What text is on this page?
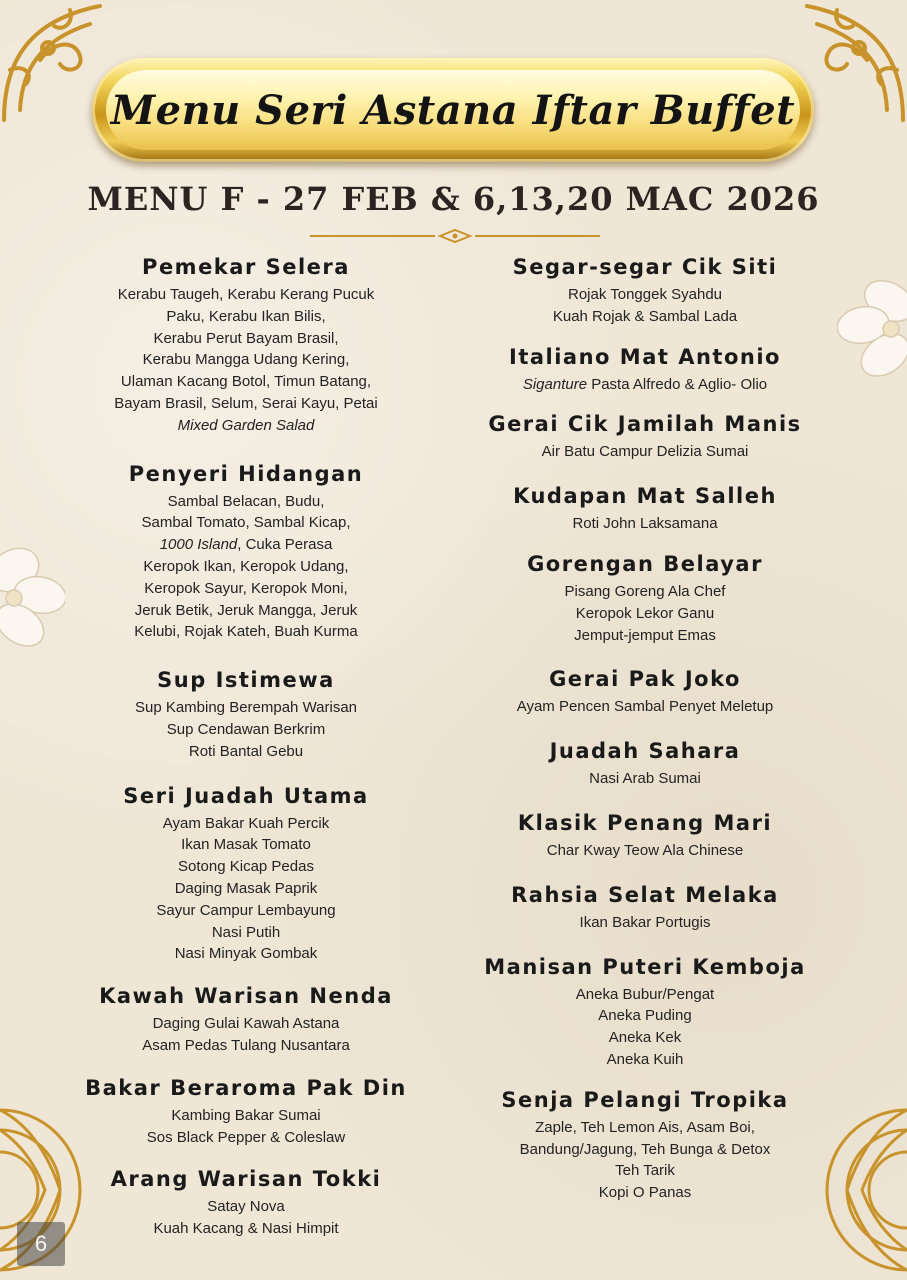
Menu Seri Astana Iftar Buffet
MENU F - 27 FEB & 6,13,20 MAC 2026
Pemekar Selera
Kerabu Taugeh, Kerabu Kerang Pucuk
Paku, Kerabu Ikan Bilis,
Kerabu Perut Bayam Brasil,
Kerabu Mangga Udang Kering,
Ulaman Kacang Botol, Timun Batang,
Bayam Brasil, Selum, Serai Kayu, Petai
Mixed Garden Salad
Penyeri Hidangan
Sambal Belacan, Budu,
Sambal Tomato, Sambal Kicap,
1000 Island, Cuka Perasa
Keropok Ikan, Keropok Udang,
Keropok Sayur, Keropok Moni,
Jeruk Betik, Jeruk Mangga, Jeruk
Kelubi, Rojak Kateh, Buah Kurma
Sup Istimewa
Sup Kambing Berempah Warisan
Sup Cendawan Berkrim
Roti Bantal Gebu
Seri Juadah Utama
Ayam Bakar Kuah Percik
Ikan Masak Tomato
Sotong Kicap Pedas
Daging Masak Paprik
Sayur Campur Lembayung
Nasi Putih
Nasi Minyak Gombak
Kawah Warisan Nenda
Daging Gulai Kawah Astana
Asam Pedas Tulang Nusantara
Bakar Beraroma Pak Din
Kambing Bakar Sumai
Sos Black Pepper & Coleslaw
Arang Warisan Tokki
Satay Nova
Kuah Kacang & Nasi Himpit
Segar-segar Cik Siti
Rojak Tonggek Syahdu
Kuah Rojak & Sambal Lada
Italiano Mat Antonio
Siganture Pasta Alfredo & Aglio- Olio
Gerai Cik Jamilah Manis
Air Batu Campur Delizia Sumai
Kudapan Mat Salleh
Roti John Laksamana
Gorengan Belayar
Pisang Goreng Ala Chef
Keropok Lekor Ganu
Jemput-jemput Emas
Gerai Pak Joko
Ayam Pencen Sambal Penyet Meletup
Juadah Sahara
Nasi Arab Sumai
Klasik Penang Mari
Char Kway Teow Ala Chinese
Rahsia Selat Melaka
Ikan Bakar Portugis
Manisan Puteri Kemboja
Aneka Bubur/Pengat
Aneka Puding
Aneka Kek
Aneka Kuih
Senja Pelangi Tropika
Zaple, Teh Lemon Ais, Asam Boi,
Bandung/Jagung, Teh Bunga & Detox
Teh Tarik
Kopi O Panas
6
